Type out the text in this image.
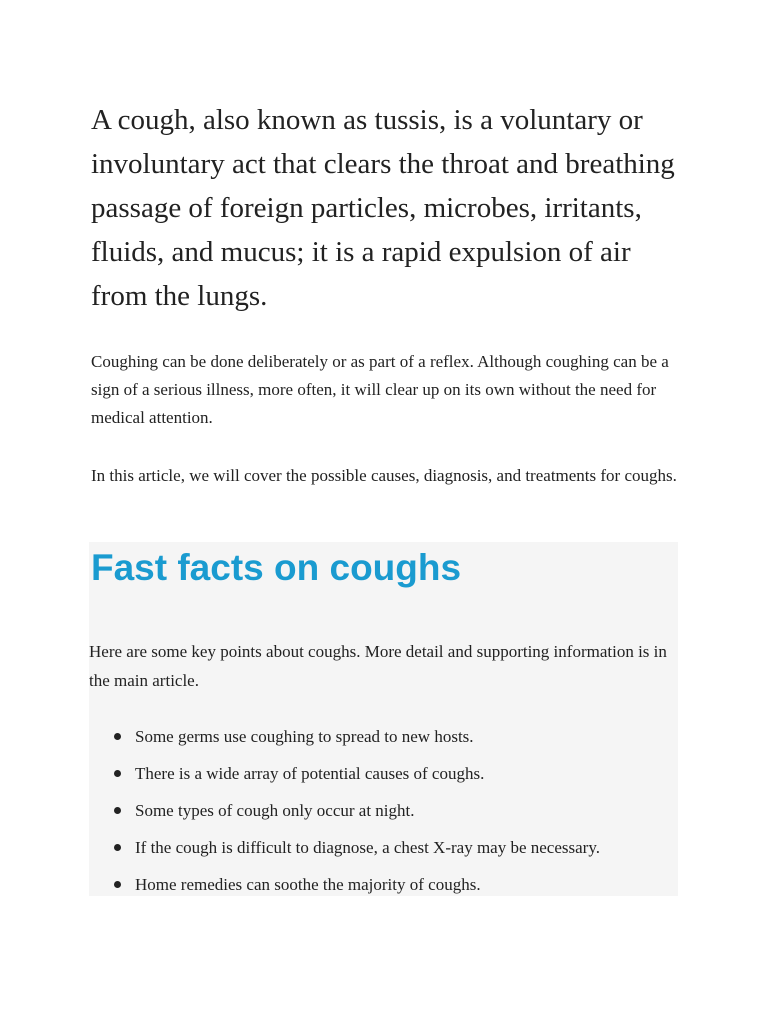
A cough, also known as tussis, is a voluntary or involuntary act that clears the throat and breathing passage of foreign particles, microbes, irritants, fluids, and mucus; it is a rapid expulsion of air from the lungs.

Coughing can be done deliberately or as part of a reflex. Although coughing can be a sign of a serious illness, more often, it will clear up on its own without the need for medical attention.

In this article, we will cover the possible causes, diagnosis, and treatments for coughs.

Fast facts on coughs

Here are some key points about coughs. More detail and supporting information is in the main article.

Some germs use coughing to spread to new hosts.
There is a wide array of potential causes of coughs.
Some types of cough only occur at night.
If the cough is difficult to diagnose, a chest X-ray may be necessary.
Home remedies can soothe the majority of coughs.
